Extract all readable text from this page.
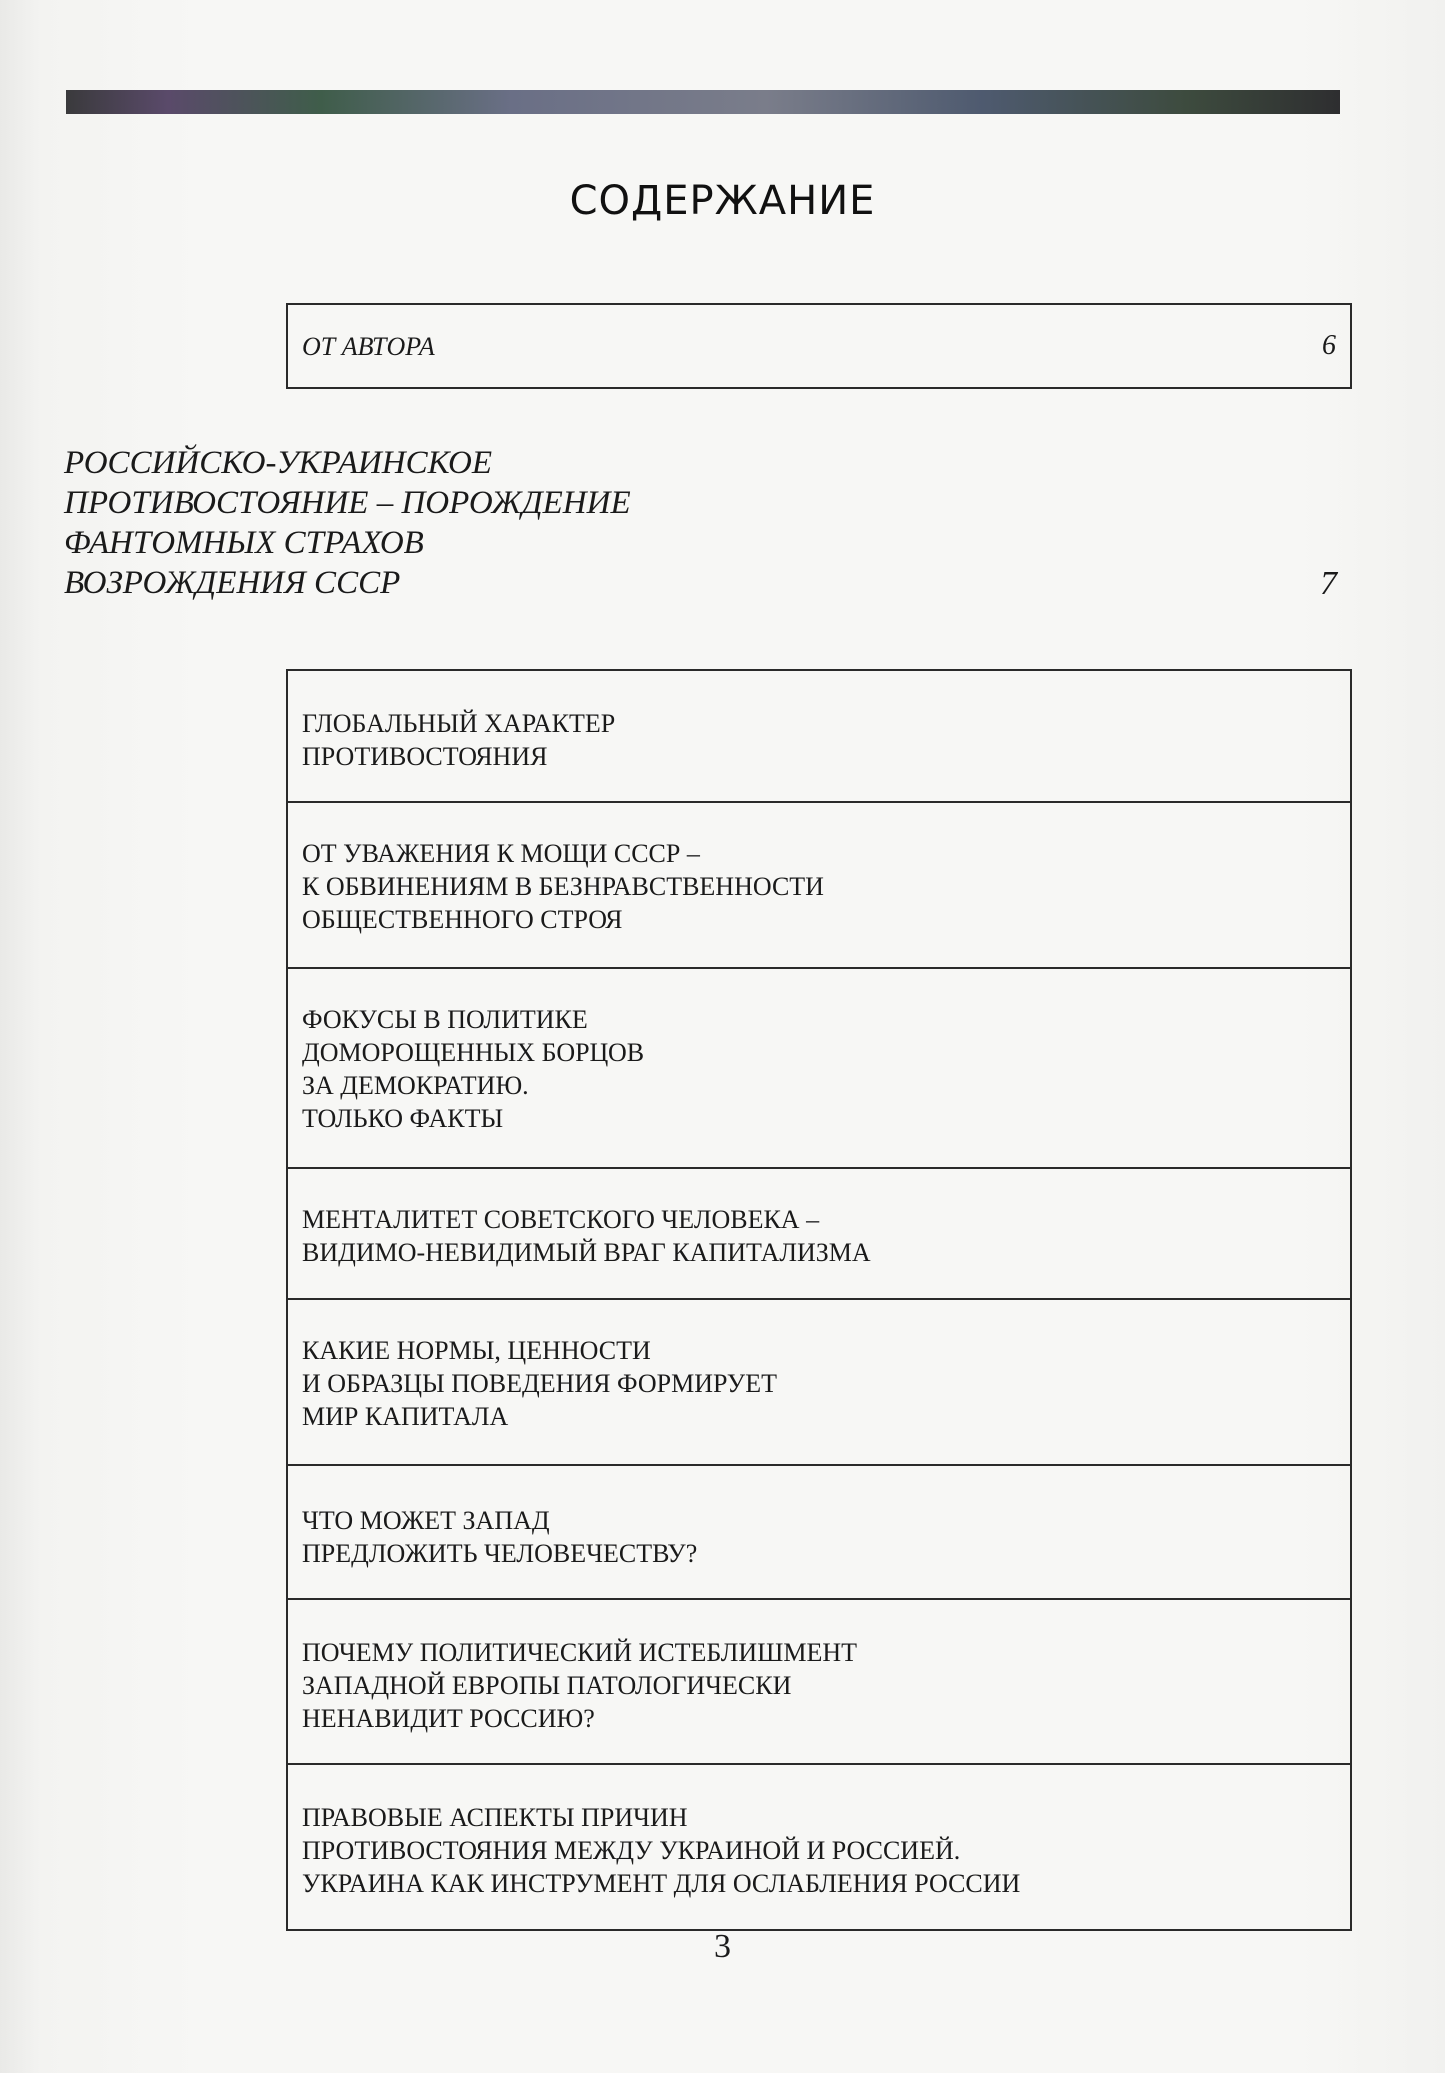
СОДЕРЖАНИЕ
ОТ АВТОРА	6
РОССИЙСКО-УКРАИНСКОЕ
ПРОТИВОСТОЯНИЕ – ПОРОЖДЕНИЕ
ФАНТОМНЫХ СТРАХОВ
ВОЗРОЖДЕНИЯ СССР	7
ГЛОБАЛЬНЫЙ ХАРАКТЕР
ПРОТИВОСТОЯНИЯ
ОТ УВАЖЕНИЯ К МОЩИ СССР –
К ОБВИНЕНИЯМ В БЕЗНРАВСТВЕННОСТИ
ОБЩЕСТВЕННОГО СТРОЯ
ФОКУСЫ В ПОЛИТИКЕ
ДОМОРОЩЕННЫХ БОРЦОВ
ЗА ДЕМОКРАТИЮ.
ТОЛЬКО ФАКТЫ
МЕНТАЛИТЕТ СОВЕТСКОГО ЧЕЛОВЕКА –
ВИДИМО-НЕВИДИМЫЙ ВРАГ КАПИТАЛИЗМА
КАКИЕ НОРМЫ, ЦЕННОСТИ
И ОБРАЗЦЫ ПОВЕДЕНИЯ ФОРМИРУЕТ
МИР КАПИТАЛА
ЧТО МОЖЕТ ЗАПАД
ПРЕДЛОЖИТЬ ЧЕЛОВЕЧЕСТВУ?
ПОЧЕМУ ПОЛИТИЧЕСКИЙ ИСТЕБЛИШМЕНТ
ЗАПАДНОЙ ЕВРОПЫ ПАТОЛОГИЧЕСКИ
НЕНАВИДИТ РОССИЮ?
ПРАВОВЫЕ АСПЕКТЫ ПРИЧИН
ПРОТИВОСТОЯНИЯ МЕЖДУ УКРАИНОЙ И РОССИЕЙ.
УКРАИНА КАК ИНСТРУМЕНТ ДЛЯ ОСЛАБЛЕНИЯ РОССИИ
3
